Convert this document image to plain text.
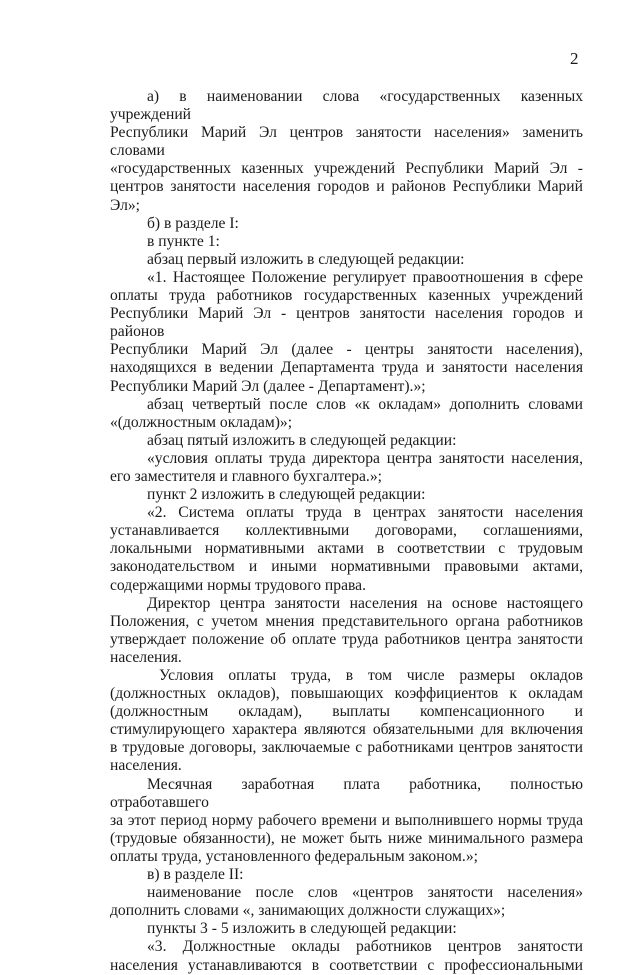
2

а) в наименовании слова «государственных казенных учреждений

Республики Марий Эл центров занятости населения» заменить словами

«государственных казенных учреждений Республики Марий Эл -

центров занятости населения городов и районов Республики Марий Эл»;

б) в разделе I:

в пункте 1:

абзац первый изложить в следующей редакции:

«1. Настоящее Положение регулирует правоотношения в сфере

оплаты труда работников государственных казенных учреждений

Республики Марий Эл - центров занятости населения городов и районов

Республики Марий Эл (далее - центры занятости населения),

находящихся в ведении Департамента труда и занятости населения

Республики Марий Эл (далее - Департамент).»;

абзац четвертый после слов «к окладам» дополнить словами

«(должностным окладам)»;

абзац пятый изложить в следующей редакции:

«условия оплаты труда директора центра занятости населения,

его заместителя и главного бухгалтера.»;

пункт 2 изложить в следующей редакции:

«2. Система оплаты труда в центрах занятости населения

устанавливается коллективными договорами, соглашениями,

локальными нормативными актами в соответствии с трудовым

законодательством и иными нормативными правовыми актами,

содержащими нормы трудового права.

Директор центра занятости населения на основе настоящего

Положения, с учетом мнения представительного органа работников

утверждает положение об оплате труда работников центра занятости

населения.

Условия оплаты труда, в том числе размеры окладов

(должностных окладов), повышающих коэффициентов к окладам

(должностным окладам), выплаты компенсационного и

стимулирующего характера являются обязательными для включения

в трудовые договоры, заключаемые с работниками центров занятости

населения.

Месячная заработная плата работника, полностью отработавшего

за этот период норму рабочего времени и выполнившего нормы труда

(трудовые обязанности), не может быть ниже минимального размера

оплаты труда, установленного федеральным законом.»;

в) в разделе II:

наименование после слов «центров занятости населения»

дополнить словами «, занимающих должности служащих»;

пункты 3 - 5 изложить в следующей редакции:

«3. Должностные оклады работников центров занятости

населения устанавливаются в соответствии с профессиональными
